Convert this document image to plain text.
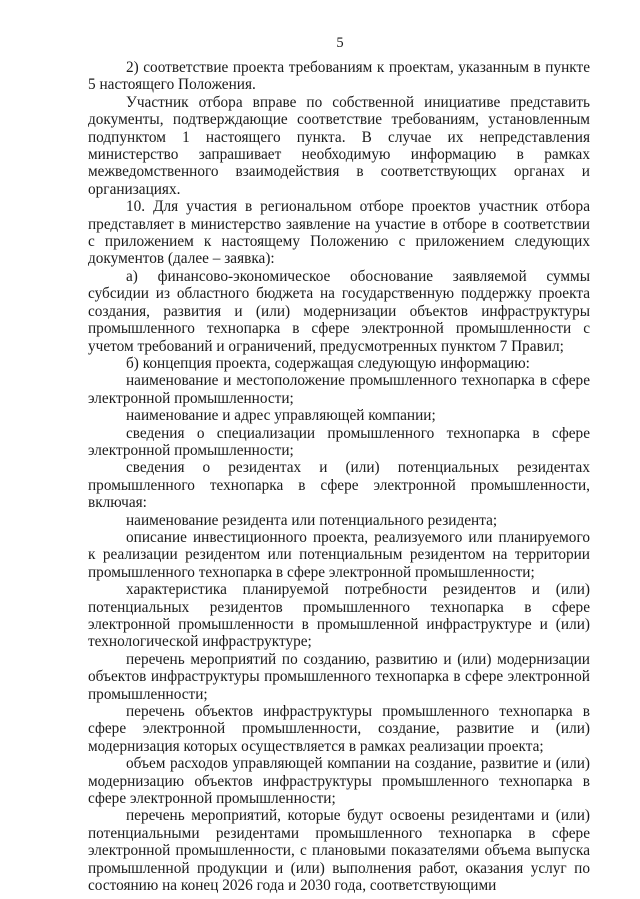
5

2) соответствие проекта требованиям к проектам, указанным в пункте 5 настоящего Положения.

Участник отбора вправе по собственной инициативе представить документы, подтверждающие соответствие требованиям, установленным подпунктом 1 настоящего пункта. В случае их непредставления министерство запрашивает необходимую информацию в рамках межведомственного взаимодействия в соответствующих органах и организациях.

10. Для участия в региональном отборе проектов участник отбора представляет в министерство заявление на участие в отборе в соответствии с приложением к настоящему Положению с приложением следующих документов (далее – заявка):

а) финансово-экономическое обоснование заявляемой суммы субсидии из областного бюджета на государственную поддержку проекта создания, развития и (или) модернизации объектов инфраструктуры промышленного технопарка в сфере электронной промышленности с учетом требований и ограничений, предусмотренных пунктом 7 Правил;

б) концепция проекта, содержащая следующую информацию:

наименование и местоположение промышленного технопарка в сфере электронной промышленности;

наименование и адрес управляющей компании;

сведения о специализации промышленного технопарка в сфере электронной промышленности;

сведения о резидентах и (или) потенциальных резидентах промышленного технопарка в сфере электронной промышленности, включая:

наименование резидента или потенциального резидента;

описание инвестиционного проекта, реализуемого или планируемого к реализации резидентом или потенциальным резидентом на территории промышленного технопарка в сфере электронной промышленности;

характеристика планируемой потребности резидентов и (или) потенциальных резидентов промышленного технопарка в сфере электронной промышленности в промышленной инфраструктуре и (или) технологической инфраструктуре;

перечень мероприятий по созданию, развитию и (или) модернизации объектов инфраструктуры промышленного технопарка в сфере электронной промышленности;

перечень объектов инфраструктуры промышленного технопарка в сфере электронной промышленности, создание, развитие и (или) модернизация которых осуществляется в рамках реализации проекта;

объем расходов управляющей компании на создание, развитие и (или) модернизацию объектов инфраструктуры промышленного технопарка в сфере электронной промышленности;

перечень мероприятий, которые будут освоены резидентами и (или) потенциальными резидентами промышленного технопарка в сфере электронной промышленности, с плановыми показателями объема выпуска промышленной продукции и (или) выполнения работ, оказания услуг по состоянию на конец 2026 года и 2030 года, соответствующими
